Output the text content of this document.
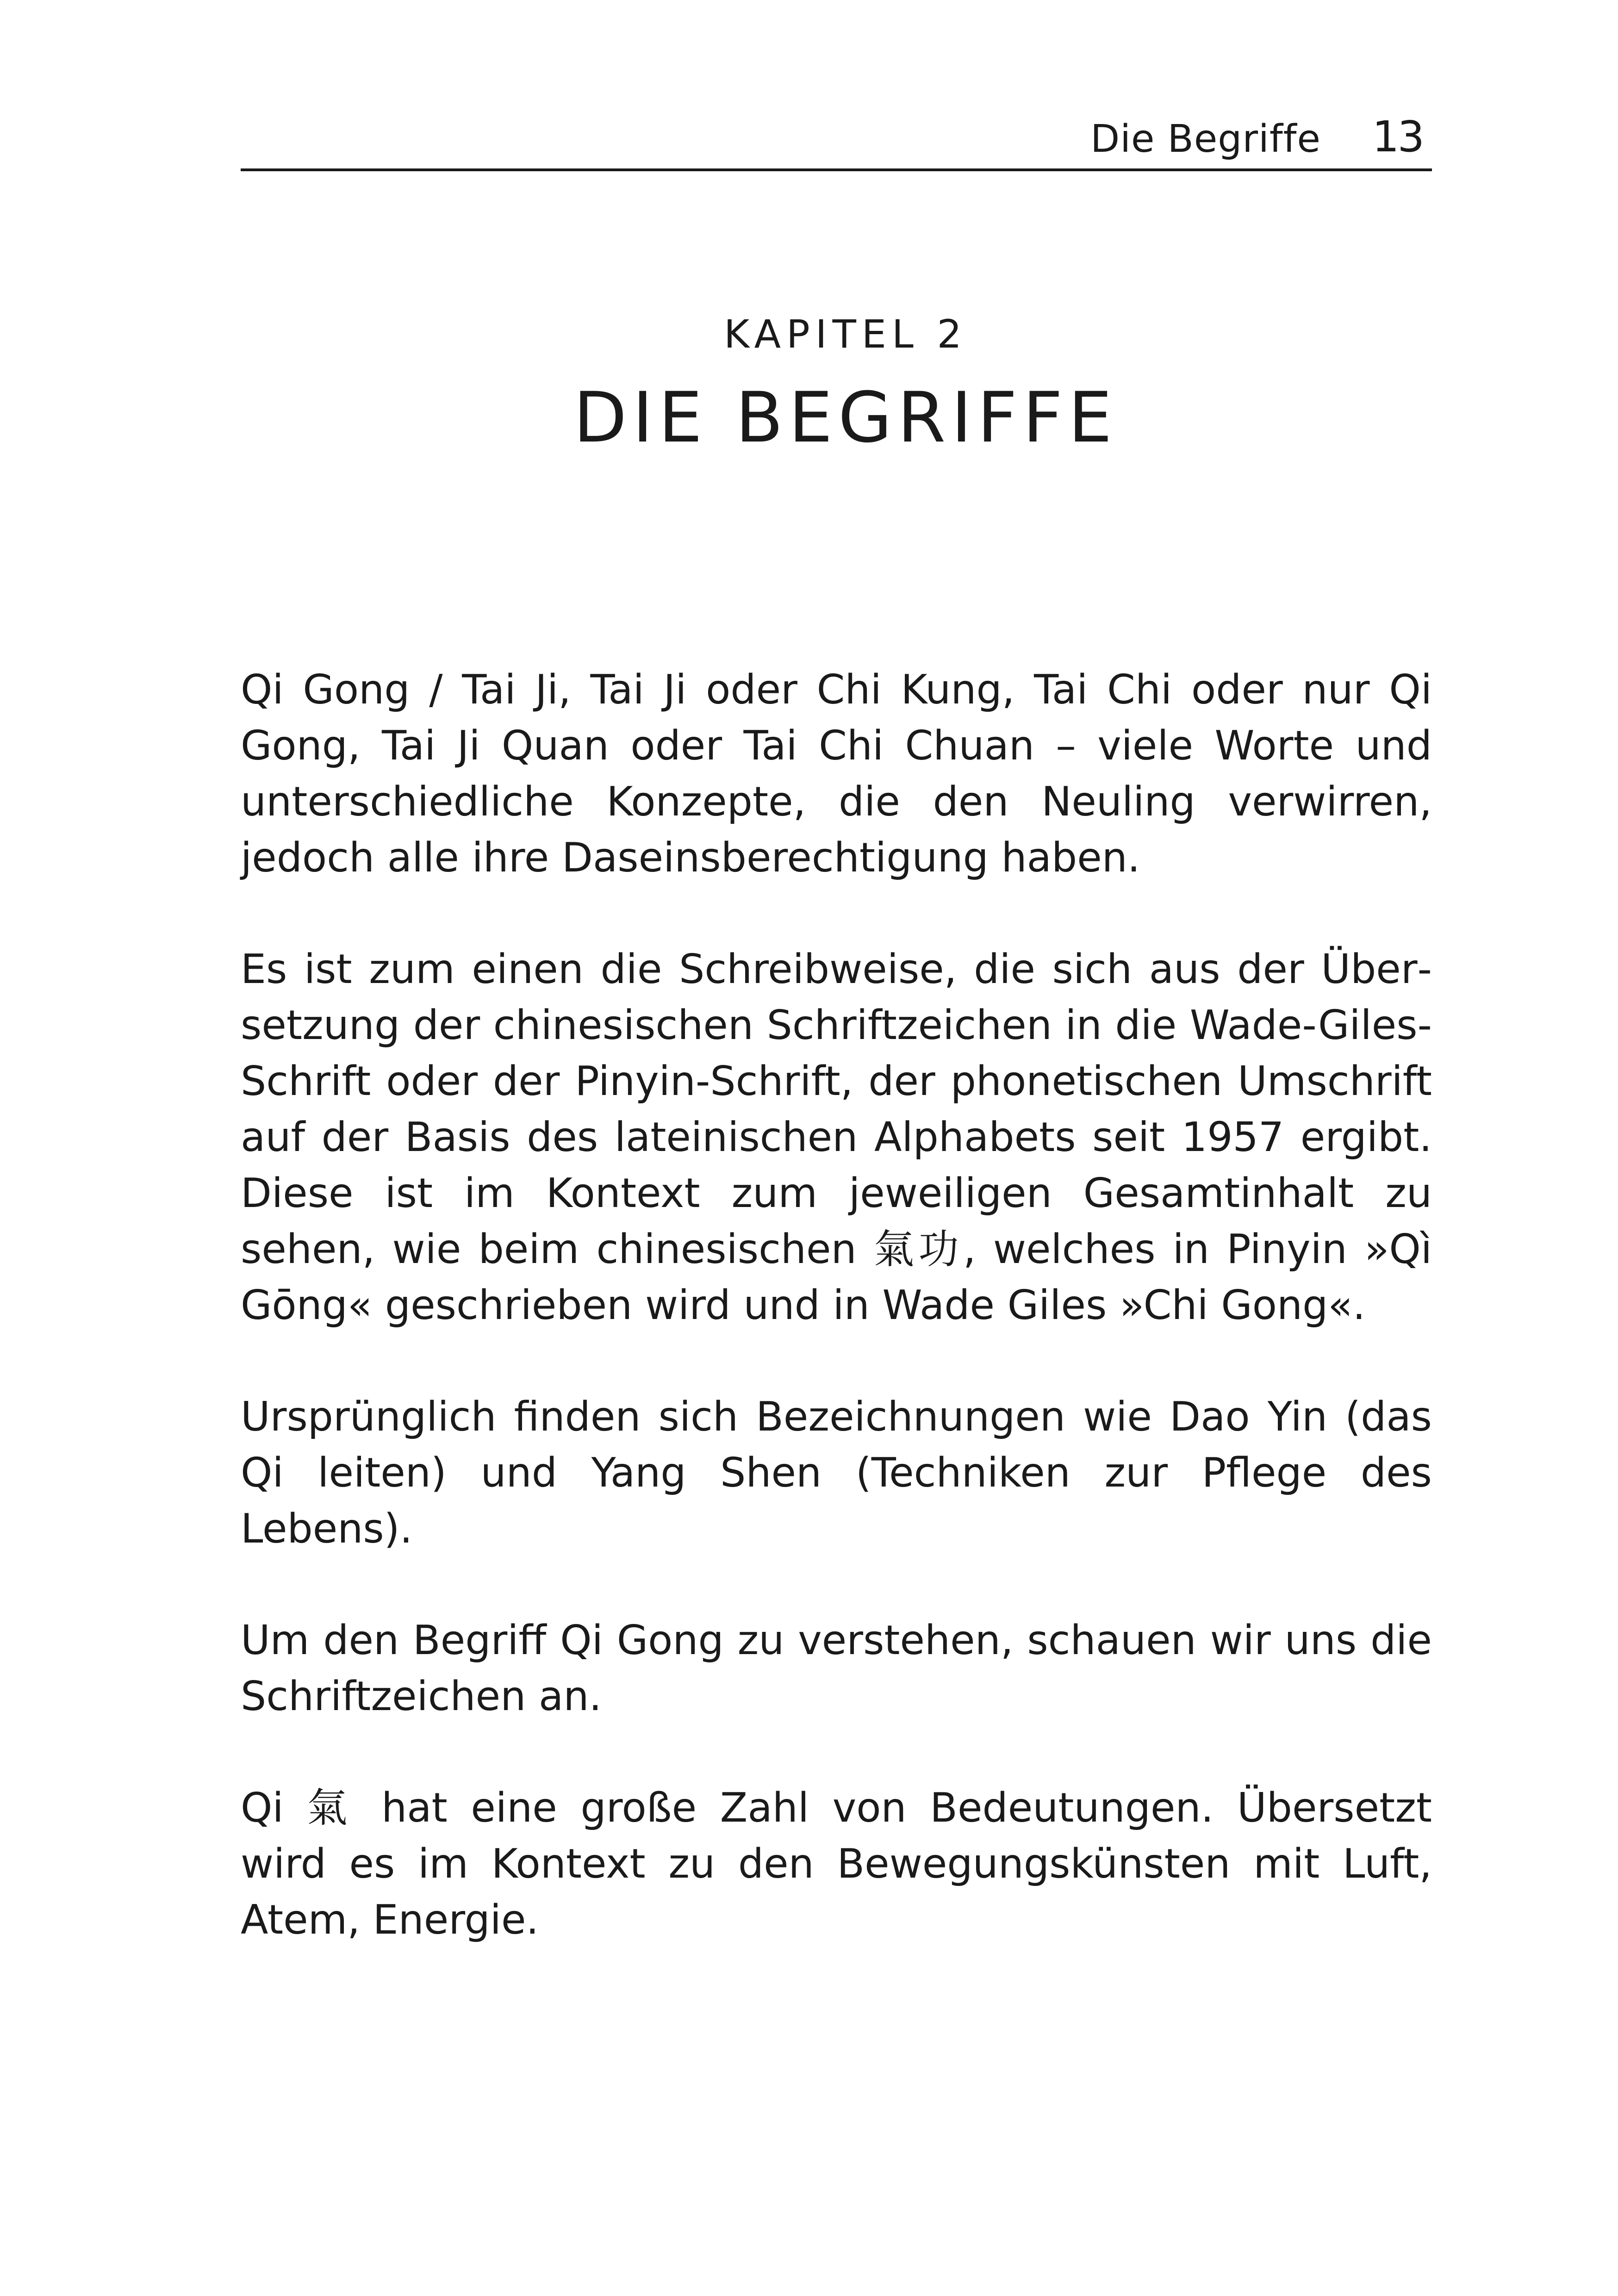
Die Begriffe 13
KAPITEL 2
DIE BEGRIFFE

Qi Gong / Tai Ji, Tai Ji oder Chi Kung, Tai Chi oder nur Qi Gong, Tai Ji Quan oder Tai Chi Chuan – viele Worte und unterschiedliche Konzepte, die den Neuling verwirren, jedoch alle ihre Daseinsberechtigung haben.

Es ist zum einen die Schreibweise, die sich aus der Übersetzung der chinesischen Schriftzeichen in die Wade-Giles-Schrift oder der Pinyin-Schrift, der phonetischen Umschrift auf der Basis des lateinischen Alphabets seit 1957 ergibt. Diese ist im Kontext zum jeweiligen Gesamtinhalt zu sehen, wie beim chinesischen 氣功, welches in Pinyin »Qì Gōng« geschrieben wird und in Wade Giles »Chi Gong«.

Ursprünglich finden sich Bezeichnungen wie Dao Yin (das Qi leiten) und Yang Shen (Techniken zur Pflege des Lebens).

Um den Begriff Qi Gong zu verstehen, schauen wir uns die Schriftzeichen an.

Qi 氣 hat eine große Zahl von Bedeutungen. Übersetzt wird es im Kontext zu den Bewegungskünsten mit Luft, Atem, Energie.
